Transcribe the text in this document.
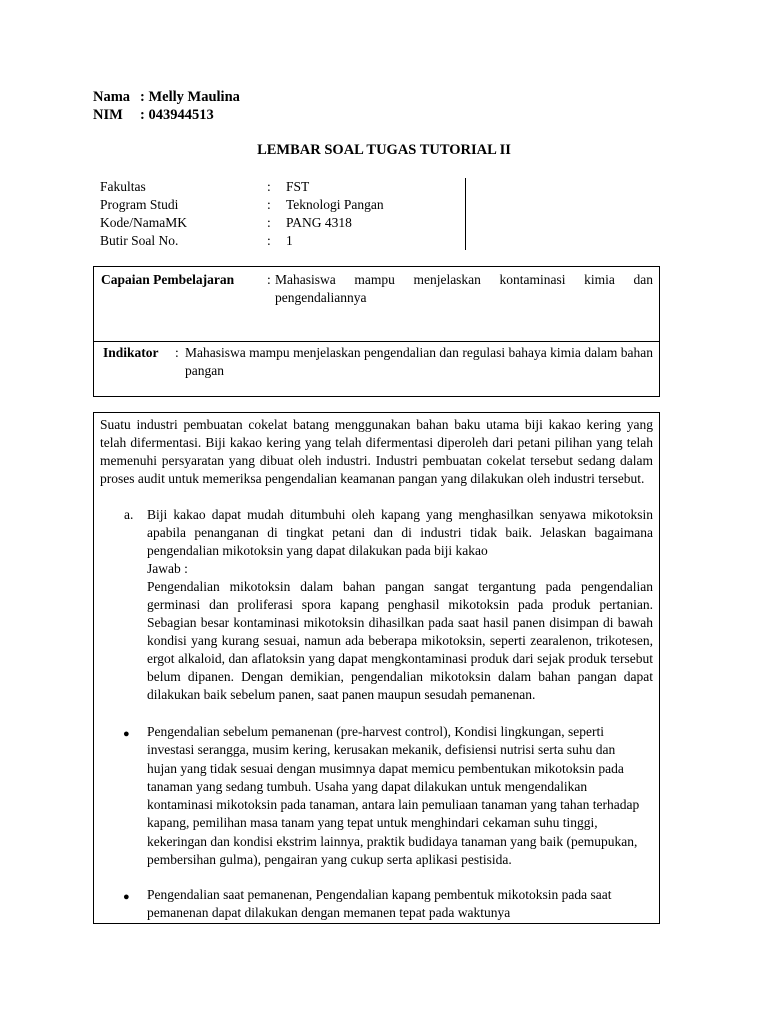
Nama : Melly Maulina
NIM : 043944513
LEMBAR SOAL TUGAS TUTORIAL II
Fakultas	: FST
Program Studi	: Teknologi Pangan
Kode/NamaMK	: PANG 4318
Butir Soal No.	: 1
Capaian Pembelajaran : Mahasiswa mampu menjelaskan kontaminasi kimia dan pengendaliannya
Indikator : Mahasiswa mampu menjelaskan pengendalian dan regulasi bahaya kimia dalam bahan pangan
Suatu industri pembuatan cokelat batang menggunakan bahan baku utama biji kakao kering yang telah difermentasi. Biji kakao kering yang telah difermentasi diperoleh dari petani pilihan yang telah memenuhi persyaratan yang dibuat oleh industri. Industri pembuatan cokelat tersebut sedang dalam proses audit untuk memeriksa pengendalian keamanan pangan yang dilakukan oleh industri tersebut.
a. Biji kakao dapat mudah ditumbuhi oleh kapang yang menghasilkan senyawa mikotoksin apabila penanganan di tingkat petani dan di industri tidak baik. Jelaskan bagaimana pengendalian mikotoksin yang dapat dilakukan pada biji kakao
Jawab :
Pengendalian mikotoksin dalam bahan pangan sangat tergantung pada pengendalian germinasi dan proliferasi spora kapang penghasil mikotoksin pada produk pertanian. Sebagian besar kontaminasi mikotoksin dihasilkan pada saat hasil panen disimpan di bawah kondisi yang kurang sesuai, namun ada beberapa mikotoksin, seperti zearalenon, trikotesen, ergot alkaloid, dan aflatoksin yang dapat mengkontaminasi produk dari sejak produk tersebut belum dipanen. Dengan demikian, pengendalian mikotoksin dalam bahan pangan dapat dilakukan baik sebelum panen, saat panen maupun sesudah pemanenan.
● Pengendalian sebelum pemanenan (pre-harvest control), Kondisi lingkungan, seperti investasi serangga, musim kering, kerusakan mekanik, defisiensi nutrisi serta suhu dan hujan yang tidak sesuai dengan musimnya dapat memicu pembentukan mikotoksin pada tanaman yang sedang tumbuh. Usaha yang dapat dilakukan untuk mengendalikan kontaminasi mikotoksin pada tanaman, antara lain pemuliaan tanaman yang tahan terhadap kapang, pemilihan masa tanam yang tepat untuk menghindari cekaman suhu tinggi, kekeringan dan kondisi ekstrim lainnya, praktik budidaya tanaman yang baik (pemupukan, pembersihan gulma), pengairan yang cukup serta aplikasi pestisida.
● Pengendalian saat pemanenan, Pengendalian kapang pembentuk mikotoksin pada saat pemanenan dapat dilakukan dengan memanen tepat pada waktunya
